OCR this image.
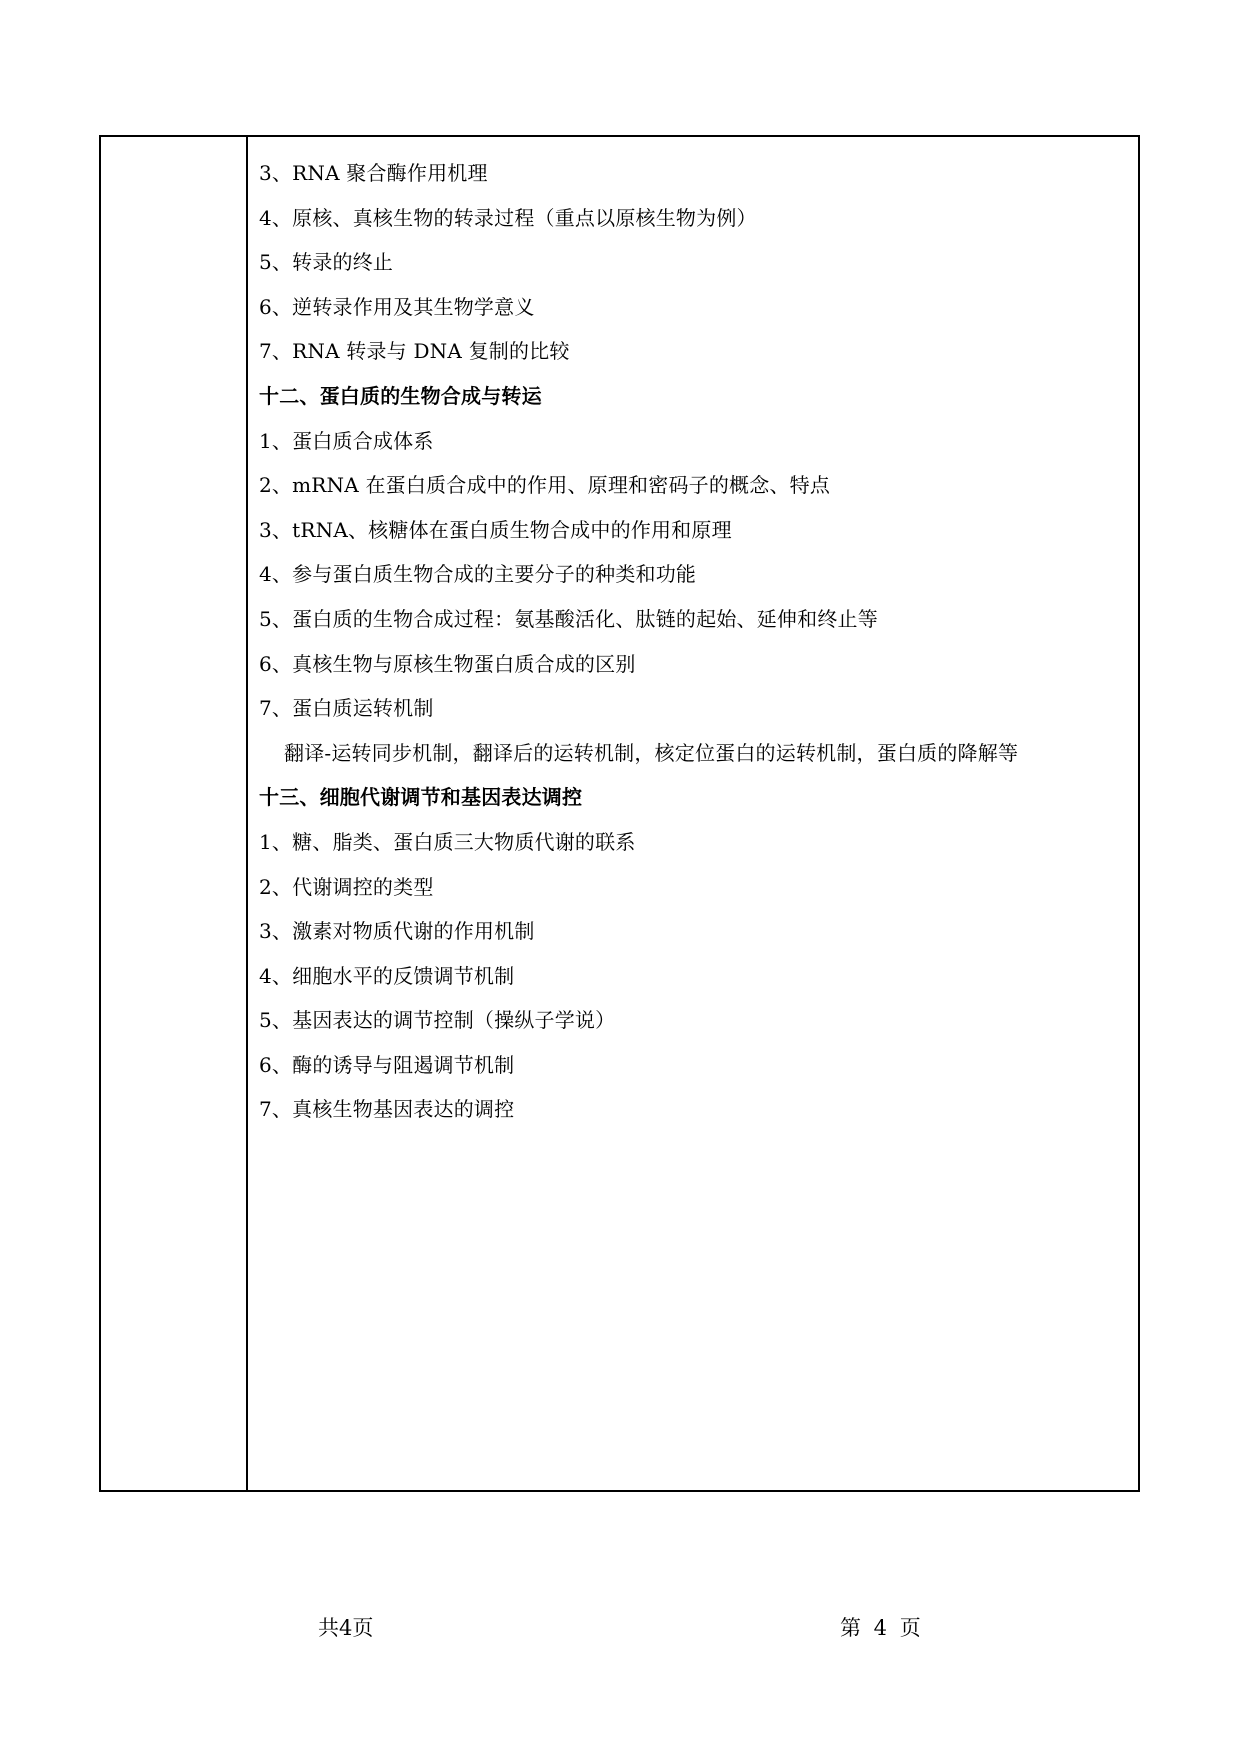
3、RNA 聚合酶作用机理
4、原核、真核生物的转录过程（重点以原核生物为例）
5、转录的终止
6、逆转录作用及其生物学意义
7、RNA 转录与 DNA 复制的比较
十二、蛋白质的生物合成与转运
1、蛋白质合成体系
2、mRNA 在蛋白质合成中的作用、原理和密码子的概念、特点
3、tRNA、核糖体在蛋白质生物合成中的作用和原理
4、参与蛋白质生物合成的主要分子的种类和功能
5、蛋白质的生物合成过程：氨基酸活化、肽链的起始、延伸和终止等
6、真核生物与原核生物蛋白质合成的区别
7、蛋白质运转机制
翻译-运转同步机制，翻译后的运转机制，核定位蛋白的运转机制，蛋白质的降解等
十三、细胞代谢调节和基因表达调控
1、糖、脂类、蛋白质三大物质代谢的联系
2、代谢调控的类型
3、激素对物质代谢的作用机制
4、细胞水平的反馈调节机制
5、基因表达的调节控制（操纵子学说）
6、酶的诱导与阻遏调节机制
7、真核生物基因表达的调控
共4页	第 4 页
